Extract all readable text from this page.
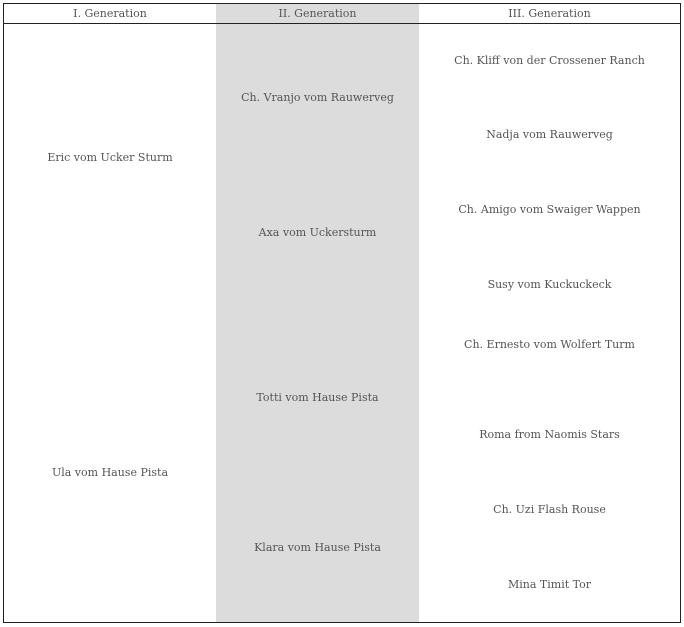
I. Generation	II. Generation	III. Generation
Eric vom Ucker Sturm
Ula vom Hause Pista
Ch. Vranjo vom Rauwerveg
Axa vom Uckersturm
Totti vom Hause Pista
Klara vom Hause Pista
Ch. Kliff von der Crossener Ranch
Nadja vom Rauwerveg
Ch. Amigo vom Swaiger Wappen
Susy vom Kuckuckeck
Ch. Ernesto vom Wolfert Turm
Roma from Naomis Stars
Ch. Uzi Flash Rouse
Mina Timit Tor
